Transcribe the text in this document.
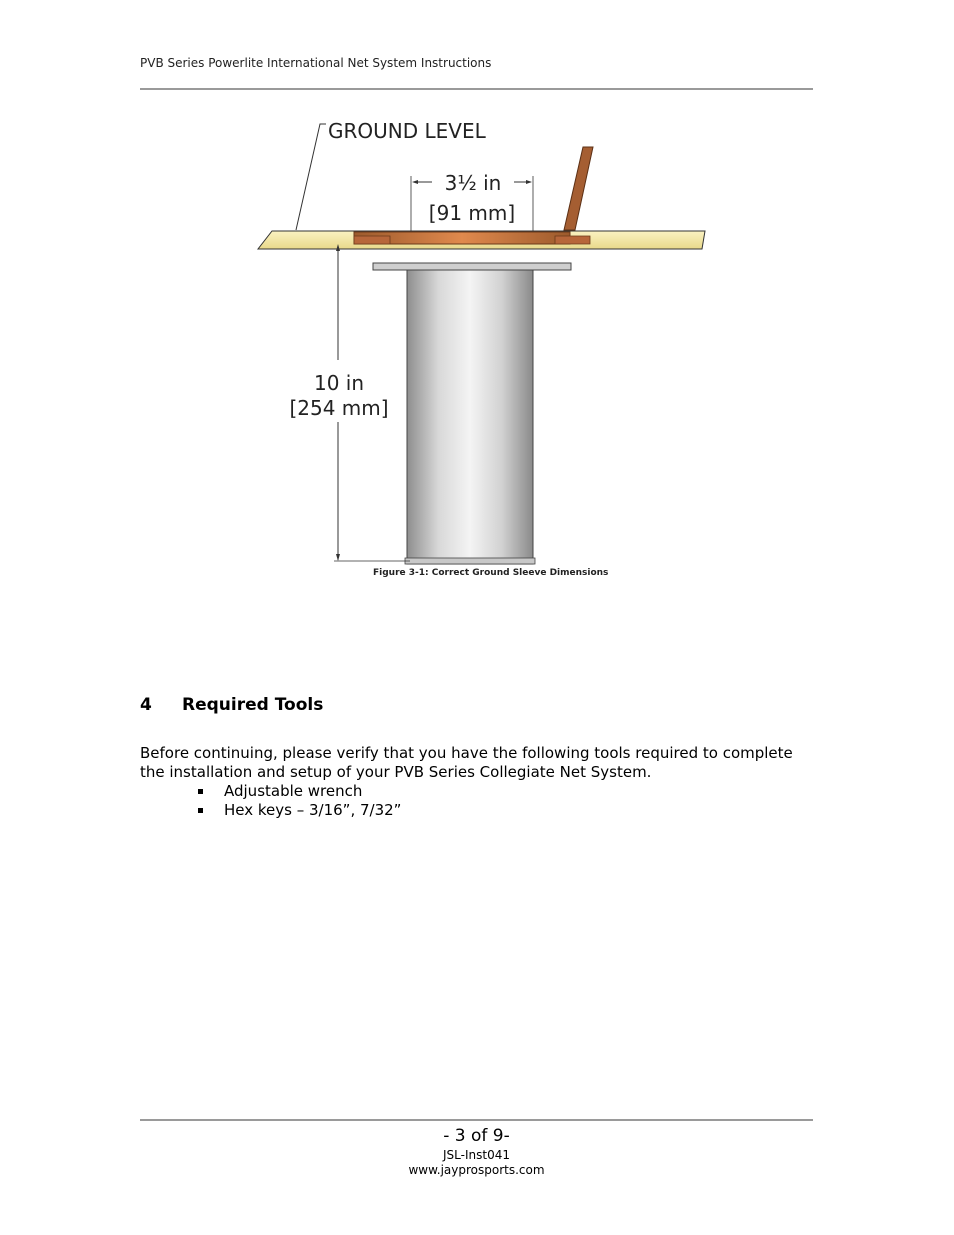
PVB Series Powerlite International Net System Instructions
GROUND LEVEL
3½ in
[91 mm]
10 in
[254 mm]
Figure 3-1: Correct Ground Sleeve Dimensions
4 Required Tools
Before continuing, please verify that you have the following tools required to complete the installation and setup of your PVB Series Collegiate Net System.
Adjustable wrench
Hex keys – 3/16”, 7/32”
- 3 of 9-
JSL-Inst041
www.jayprosports.com
